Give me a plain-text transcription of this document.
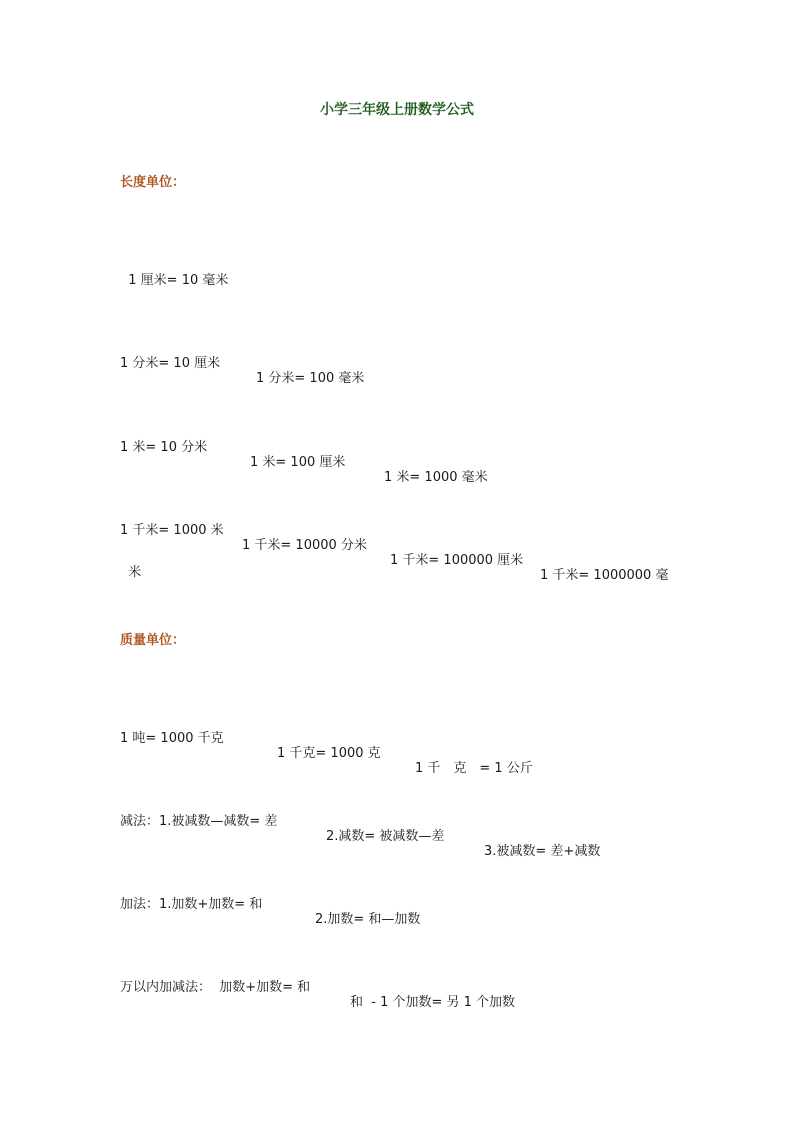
小学三年级上册数学公式
长度单位：

1 厘米= 10 毫米

1 分米= 10 厘米

1 分米= 100 毫米

1 米= 10 分米

1 米= 100 厘米

1 米= 1000 毫米

1 千米= 1000 米

1 千米= 10000 分米

1 千米= 100000 厘米

1 千米= 1000000 毫

米

质量单位：

1 吨= 1000 千克

1 千克= 1000 克

1 千　克　= 1 公斤

减法：1.被减数—减数= 差

2.减数= 被减数—差

3.被减数= 差+减数

加法：1.加数+加数= 和

2.加数= 和—加数

万以内加减法：  加数+加数= 和

和  - 1 个加数= 另 1 个加数
